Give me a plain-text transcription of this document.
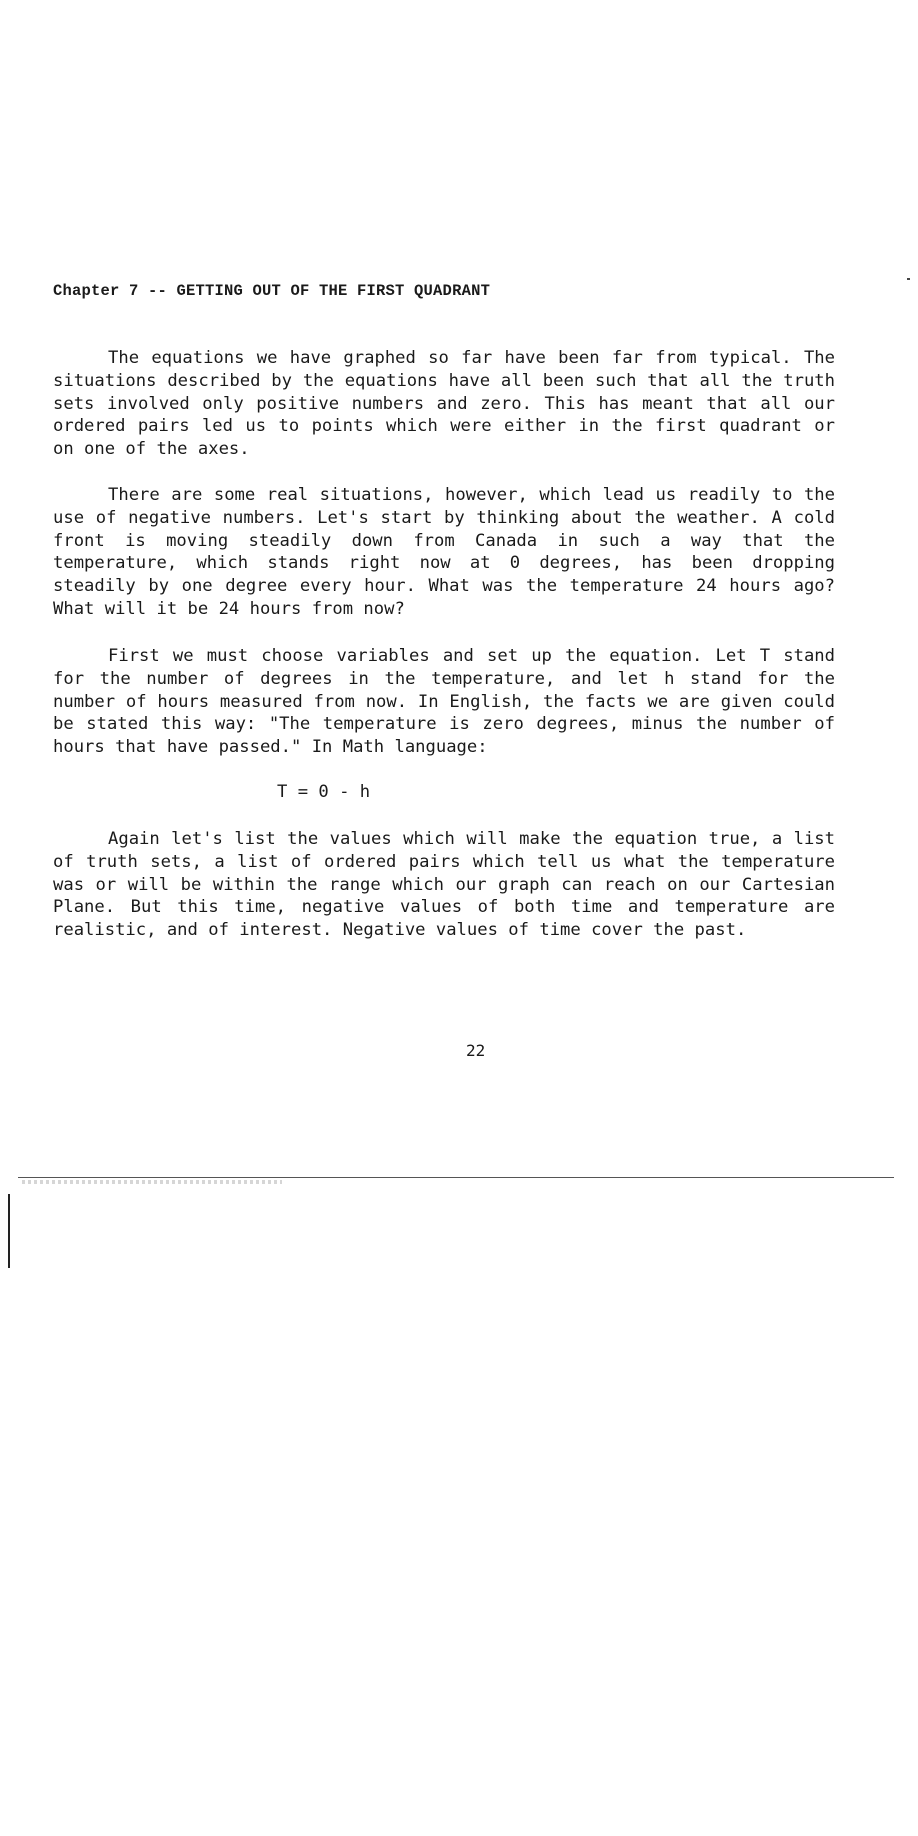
Chapter 7 -- GETTING OUT OF THE FIRST QUADRANT

The equations we have graphed so far have been far from typical. The situations described by the equations have all been such that all the truth sets involved only positive numbers and zero. This has meant that all our ordered pairs led us to points which were either in the first quadrant or on one of the axes.

There are some real situations, however, which lead us readily to the use of negative numbers. Let's start by thinking about the weather. A cold front is moving steadily down from Canada in such a way that the temperature, which stands right now at 0 degrees, has been dropping steadily by one degree every hour. What was the temperature 24 hours ago? What will it be 24 hours from now?

First we must choose variables and set up the equation. Let T stand for the number of degrees in the temperature, and let h stand for the number of hours measured from now. In English, the facts we are given could be stated this way: "The temperature is zero degrees, minus the number of hours that have passed." In Math language:

T = 0 - h

Again let's list the values which will make the equation true, a list of truth sets, a list of ordered pairs which tell us what the temperature was or will be within the range which our graph can reach on our Cartesian Plane. But this time, negative values of both time and temperature are realistic, and of interest. Negative values of time cover the past.

22
